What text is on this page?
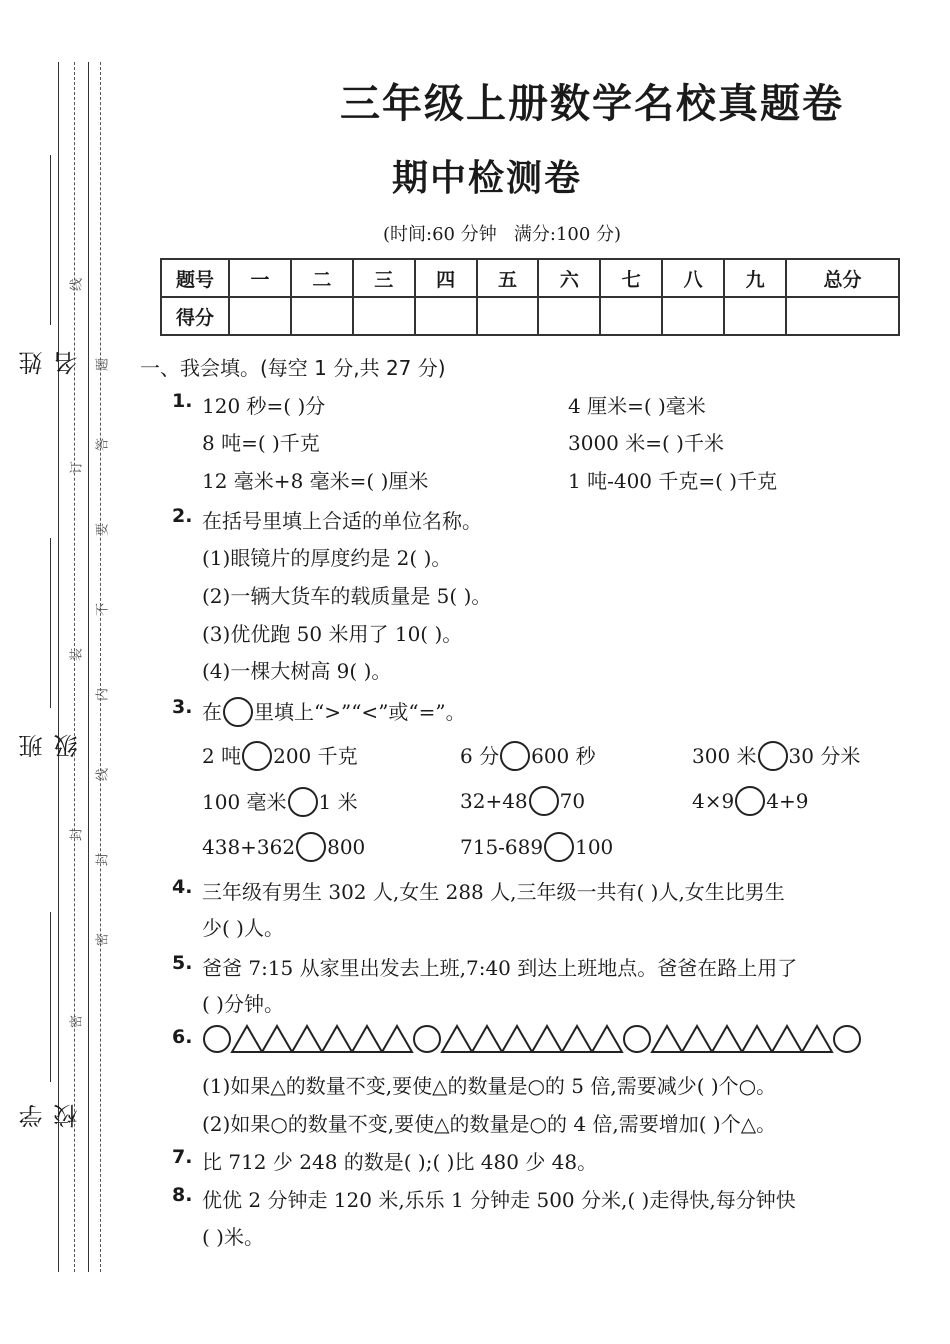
姓名
班级
学校
线
订
装
封
密
题
答
要
不
内
线
封
密
三年级上册数学名校真题卷
期中检测卷
(时间:60 分钟   满分:100 分)
题号	一	二	三	四	五	六	七	八	九	总分
得分										
一、我会填。(每空 1 分,共 27 分)
1. 120 秒=( )分	4 厘米=( )毫米
8 吨=( )千克	3000 米=( )千米
12 毫米+8 毫米=( )厘米	1 吨-400 千克=( )千克
2. 在括号里填上合适的单位名称。
(1)眼镜片的厚度约是 2( )。
(2)一辆大货车的载质量是 5( )。
(3)优优跑 50 米用了 10( )。
(4)一棵大树高 9( )。
3. 在 里填上“>”“<”或“=”。
2 吨 200 千克	6 分 600 秒	300 米 30 分米
100 毫米 1 米	32+48 70	4×9 4+9
438+362 800	715-689 100
4. 三年级有男生 302 人,女生 288 人,三年级一共有( )人,女生比男生
少( )人。
5. 爸爸 7:15 从家里出发去上班,7:40 到达上班地点。爸爸在路上用了
( )分钟。
6.
(1)如果△的数量不变,要使△的数量是○的 5 倍,需要减少( )个○。
(2)如果○的数量不变,要使△的数量是○的 4 倍,需要增加( )个△。
7. 比 712 少 248 的数是( );( )比 480 少 48。
8. 优优 2 分钟走 120 米,乐乐 1 分钟走 500 分米,( )走得快,每分钟快
( )米。
